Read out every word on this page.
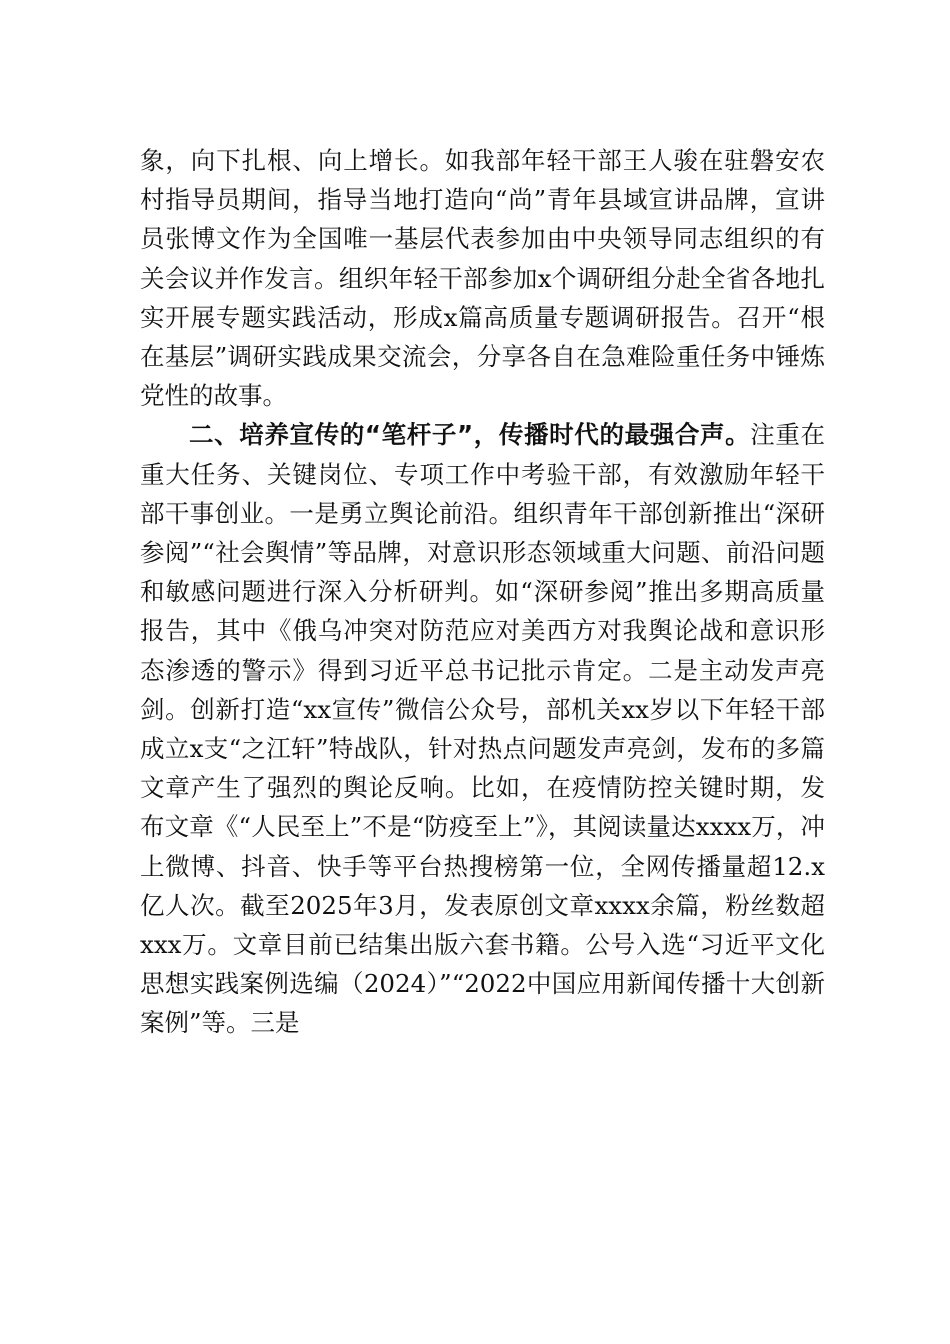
象，向下扎根、向上增长。如我部年轻干部王人骏在驻磐安农村指导员期间，指导当地打造向“尚”青年县域宣讲品牌，宣讲员张博文作为全国唯一基层代表参加由中央领导同志组织的有关会议并作发言。组织年轻干部参加x个调研组分赴全省各地扎实开展专题实践活动，形成x篇高质量专题调研报告。召开“根在基层”调研实践成果交流会，分享各自在急难险重任务中锤炼党性的故事。

二、培养宣传的“笔杆子”，传播时代的最强合声。注重在重大任务、关键岗位、专项工作中考验干部，有效激励年轻干部干事创业。一是勇立舆论前沿。组织青年干部创新推出“深研参阅”“社会舆情”等品牌，对意识形态领域重大问题、前沿问题和敏感问题进行深入分析研判。如“深研参阅”推出多期高质量报告，其中《俄乌冲突对防范应对美西方对我舆论战和意识形态渗透的警示》得到习近平总书记批示肯定。二是主动发声亮剑。创新打造“xx宣传”微信公众号，部机关xx岁以下年轻干部成立x支“之江轩”特战队，针对热点问题发声亮剑，发布的多篇文章产生了强烈的舆论反响。比如，在疫情防控关键时期，发布文章《“人民至上”不是“防疫至上”》，其阅读量达xxxx万，冲上微博、抖音、快手等平台热搜榜第一位，全网传播量超12.x亿人次。截至2025年3月，发表原创文章xxxx余篇，粉丝数超xxx万。文章目前已结集出版六套书籍。公号入选“习近平文化思想实践案例选编（2024）”“2022中国应用新闻传播十大创新案例”等。三是
